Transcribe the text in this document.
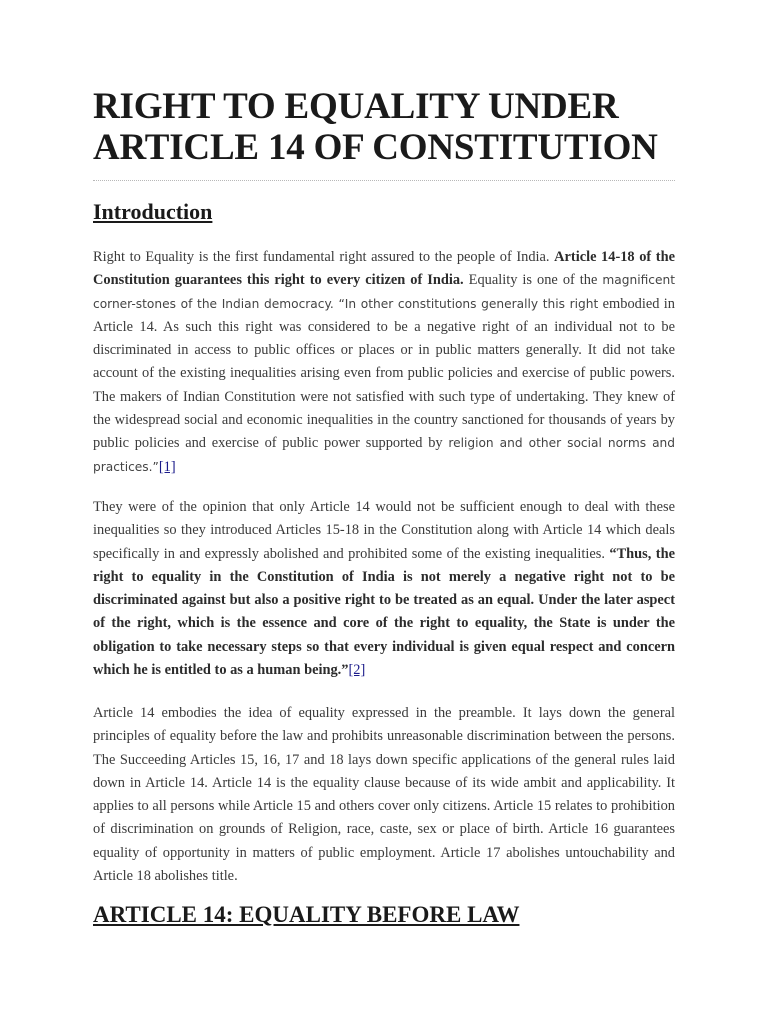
RIGHT TO EQUALITY UNDER ARTICLE 14 OF CONSTITUTION
Introduction

Right to Equality is the first fundamental right assured to the people of India. Article 14-18 of the Constitution guarantees this right to every citizen of India. Equality is one of the magnificent corner-stones of the Indian democracy. “In other constitutions generally this right embodied in Article 14. As such this right was considered to be a negative right of an individual not to be discriminated in access to public offices or places or in public matters generally. It did not take account of the existing inequalities arising even from public policies and exercise of public powers. The makers of Indian Constitution were not satisfied with such type of undertaking. They knew of the widespread social and economic inequalities in the country sanctioned for thousands of years by public policies and exercise of public power supported by religion and other social norms and practices.”[1]

They were of the opinion that only Article 14 would not be sufficient enough to deal with these inequalities so they introduced Articles 15-18 in the Constitution along with Article 14 which deals specifically in and expressly abolished and prohibited some of the existing inequalities. “Thus, the right to equality in the Constitution of India is not merely a negative right not to be discriminated against but also a positive right to be treated as an equal. Under the later aspect of the right, which is the essence and core of the right to equality, the State is under the obligation to take necessary steps so that every individual is given equal respect and concern which he is entitled to as a human being.”[2]

Article 14 embodies the idea of equality expressed in the preamble. It lays down the general principles of equality before the law and prohibits unreasonable discrimination between the persons. The Succeeding Articles 15, 16, 17 and 18 lays down specific applications of the general rules laid down in Article 14. Article 14 is the equality clause because of its wide ambit and applicability. It applies to all persons while Article 15 and others cover only citizens. Article 15 relates to prohibition of discrimination on grounds of Religion, race, caste, sex or place of birth. Article 16 guarantees equality of opportunity in matters of public employment. Article 17 abolishes untouchability and Article 18 abolishes title.

ARTICLE 14: EQUALITY BEFORE LAW
